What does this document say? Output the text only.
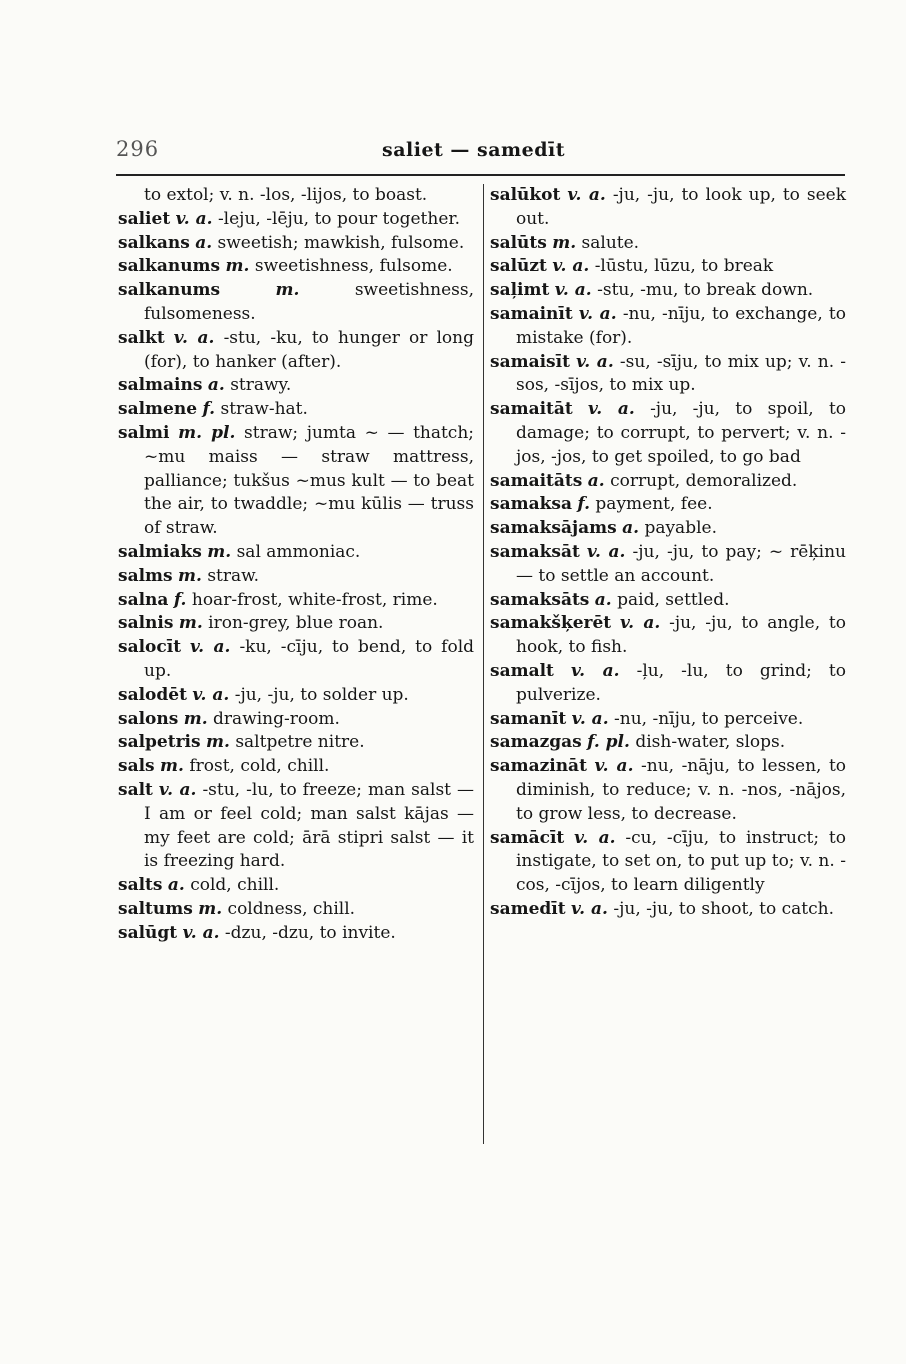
296	saliet — samedīt

to extol; v. n. -los, -lijos, to boast.

saliet v. a. -leju, -lēju, to pour together.

salkans a. sweetish; mawkish, fulsome.

salkanums m. sweetishness, fulsome.

salkanums	m.	sweetishness, fulsomeness.

salkt v. a. -stu, -ku, to hunger or long (for), to hanker (after).

salmains a. strawy.

salmene f. straw-hat.

salmi m. pl. straw; jumta ~ — thatch; ~mu maiss — straw mattress, palliance; tukšus ~mus kult — to beat the air, to twaddle; ~mu kūlis — truss of straw.

salmiaks m. sal ammoniac.

salms m. straw.

salna f. hoar-frost, white-frost, rime.

salnis m. iron-grey, blue roan.

salocīt v. a. -ku, -cīju, to bend, to fold up.

salodēt v. a. -ju, -ju, to solder up.

salons m. drawing-room.

salpetris m. saltpetre nitre.

sals m. frost, cold, chill.

salt v. a. -stu, -lu, to freeze; man salst — I am or feel cold; man salst kājas — my feet are cold; ārā stipri salst — it is freezing hard.

salts a. cold, chill.

saltums m. coldness, chill.

salūgt v. a. -dzu, -dzu, to invite.

salūkot v. a. -ju, -ju, to look up, to seek out.

salūts m. salute.

salūzt v. a. -lūstu, lūzu, to break

saļimt v. a. -stu, -mu, to break down.

samainīt v. a. -nu, -nīju, to exchange, to mistake (for).

samaisīt v. a. -su, -sīju, to mix up; v. n. -sos, -sījos, to mix up.

samaitāt v. a. -ju, -ju, to spoil, to damage; to corrupt, to pervert; v. n. -jos, -jos, to get spoiled, to go bad

samaitāts a. corrupt, demoralized.

samaksa f. payment, fee.

samaksājams a. payable.

samaksāt v. a. -ju, -ju, to pay; ~ rēķinu — to settle an account.

samaksāts a. paid, settled.

samakšķerēt v. a. -ju, -ju, to angle, to hook, to fish.

samalt v. a. -ļu, -lu, to grind; to pulverize.

samanīt v. a. -nu, -nīju, to perceive.

samazgas f. pl. dish-water, slops.

samazināt v. a. -nu, -nāju, to lessen, to diminish, to reduce; v. n. -nos, -nājos, to grow less, to decrease.

samācīt v. a. -cu, -cīju, to instruct; to instigate, to set on, to put up to; v. n. -cos, -cījos, to learn diligently

samedīt v. a. -ju, -ju, to shoot, to catch.
